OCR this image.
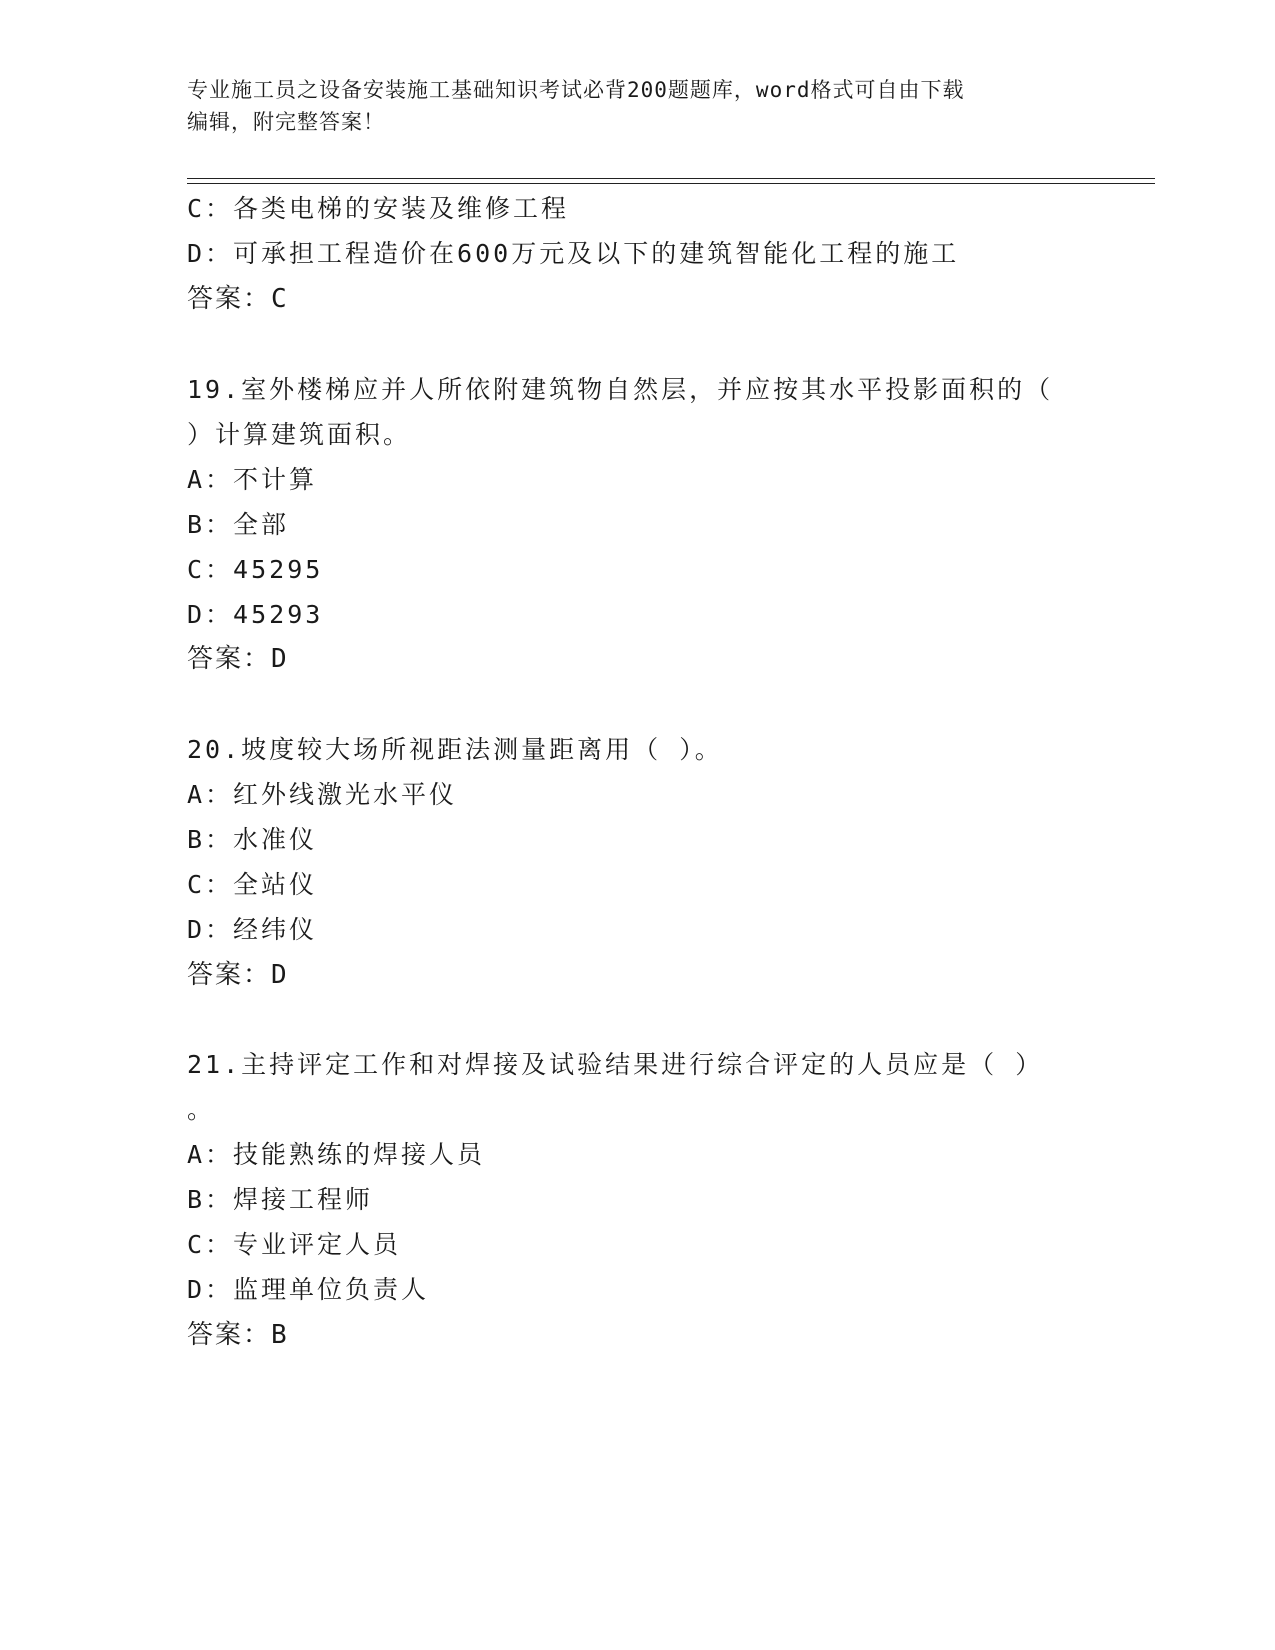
专业施工员之设备安装施工基础知识考试必背200题题库，word格式可自由下载
编辑，附完整答案！
C：各类电梯的安装及维修工程
D：可承担工程造价在600万元及以下的建筑智能化工程的施工
答案：C
19.室外楼梯应并人所依附建筑物自然层，并应按其水平投影面积的（
）计算建筑面积。
A：不计算
B：全部
C：45295
D：45293
答案：D
20.坡度较大场所视距法测量距离用（ ）。
A：红外线激光水平仪
B：水准仪
C：全站仪
D：经纬仪
答案：D
21.主持评定工作和对焊接及试验结果进行综合评定的人员应是（ ）
。
A：技能熟练的焊接人员
B：焊接工程师
C：专业评定人员
D：监理单位负责人
答案：B
